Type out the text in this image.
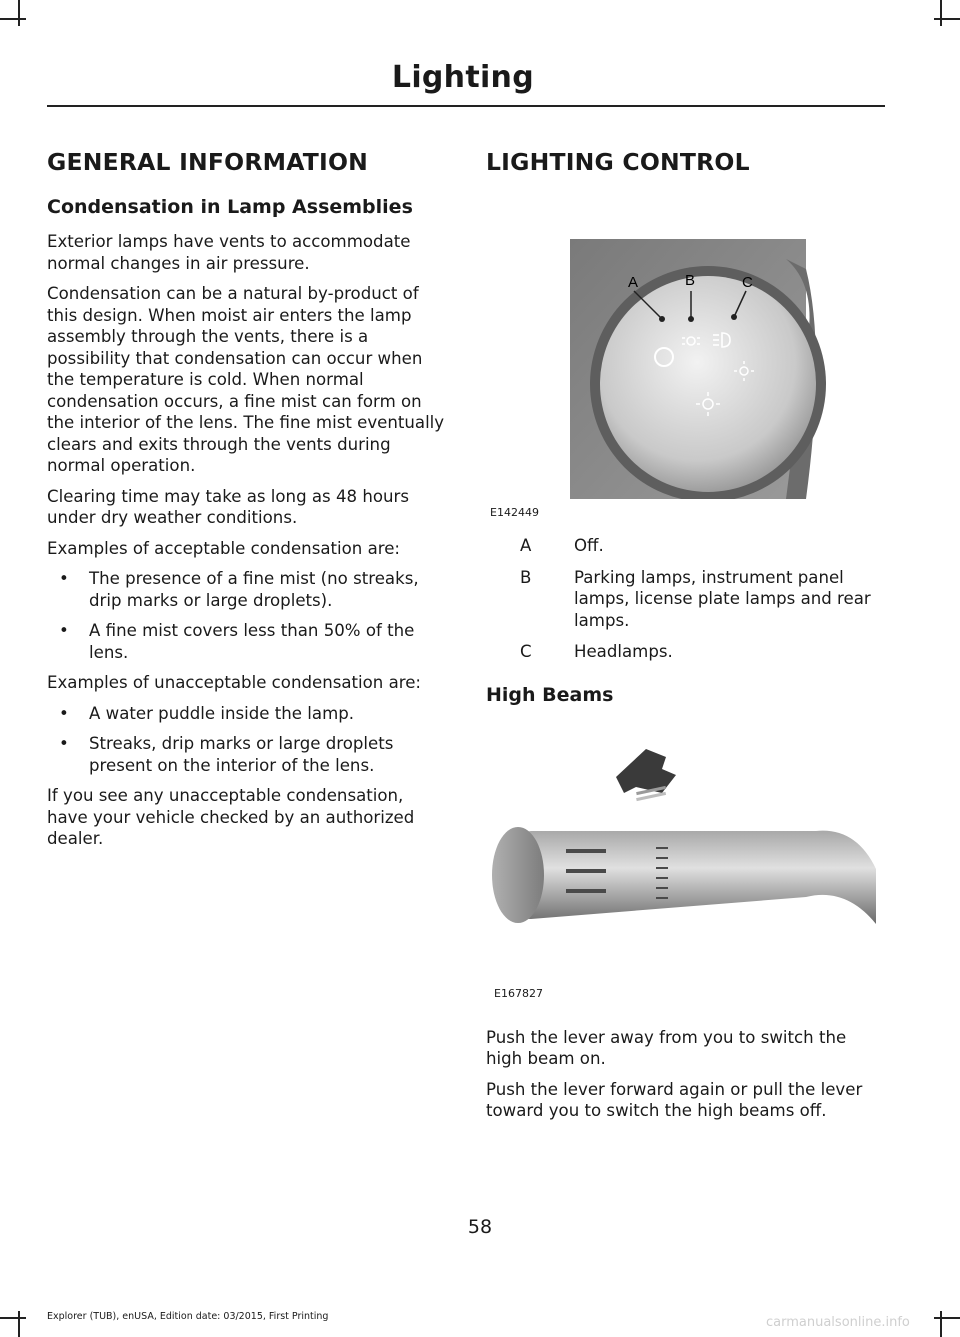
Lighting
GENERAL INFORMATION
Condensation in Lamp Assemblies

Exterior lamps have vents to accommodate normal changes in air pressure.

Condensation can be a natural by-product of this design. When moist air enters the lamp assembly through the vents, there is a possibility that condensation can occur when the temperature is cold. When normal condensation occurs, a fine mist can form on the interior of the lens. The fine mist eventually clears and exits through the vents during normal operation.

Clearing time may take as long as 48 hours under dry weather conditions.

Examples of acceptable condensation are:

• The presence of a fine mist (no streaks, drip marks or large droplets).
• A fine mist covers less than 50% of the lens.

Examples of unacceptable condensation are:

• A water puddle inside the lamp.
• Streaks, drip marks or large droplets present on the interior of the lens.

If you see any unacceptable condensation, have your vehicle checked by an authorized dealer.

LIGHTING CONTROL
A	B	C
E142449
A	Off.
B	Parking lamps, instrument panel lamps, license plate lamps and rear lamps.
C	Headlamps.
High Beams
E167827

Push the lever away from you to switch the high beam on.

Push the lever forward again or pull the lever toward you to switch the high beams off.

58
Explorer (TUB), enUSA, Edition date: 03/2015, First Printing	carmanualsonline.info
